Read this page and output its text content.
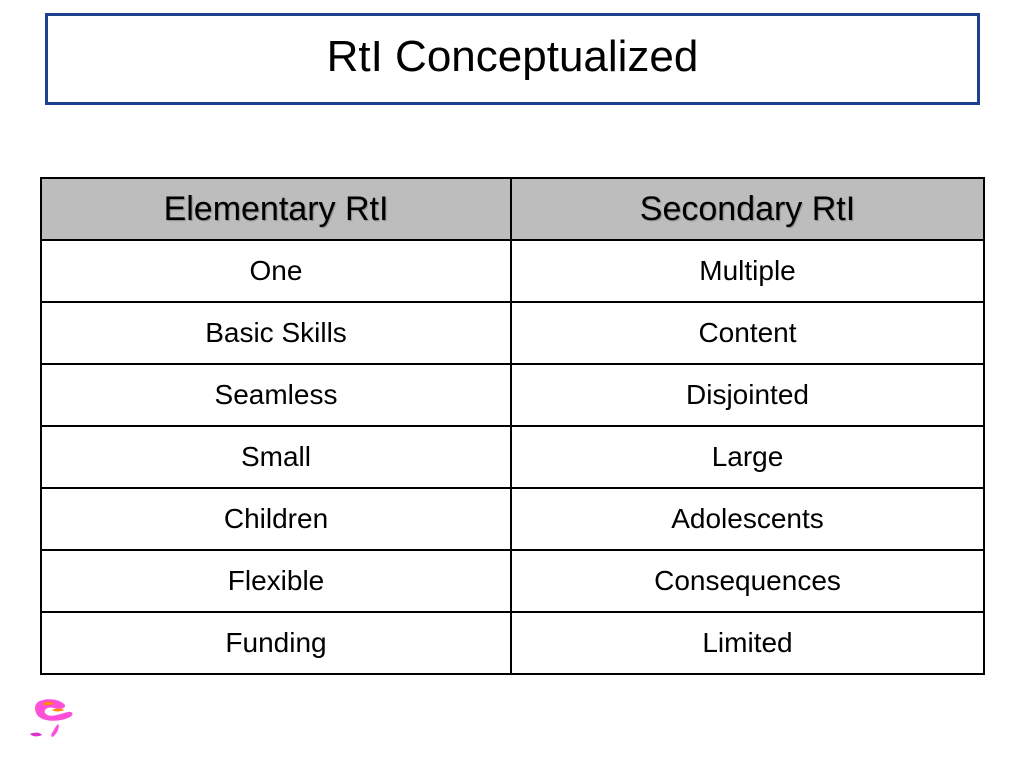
RtI Conceptualized
Elementary RtI	Secondary RtI
One	Multiple
Basic Skills	Content
Seamless	Disjointed
Small	Large
Children	Adolescents
Flexible	Consequences
Funding	Limited
